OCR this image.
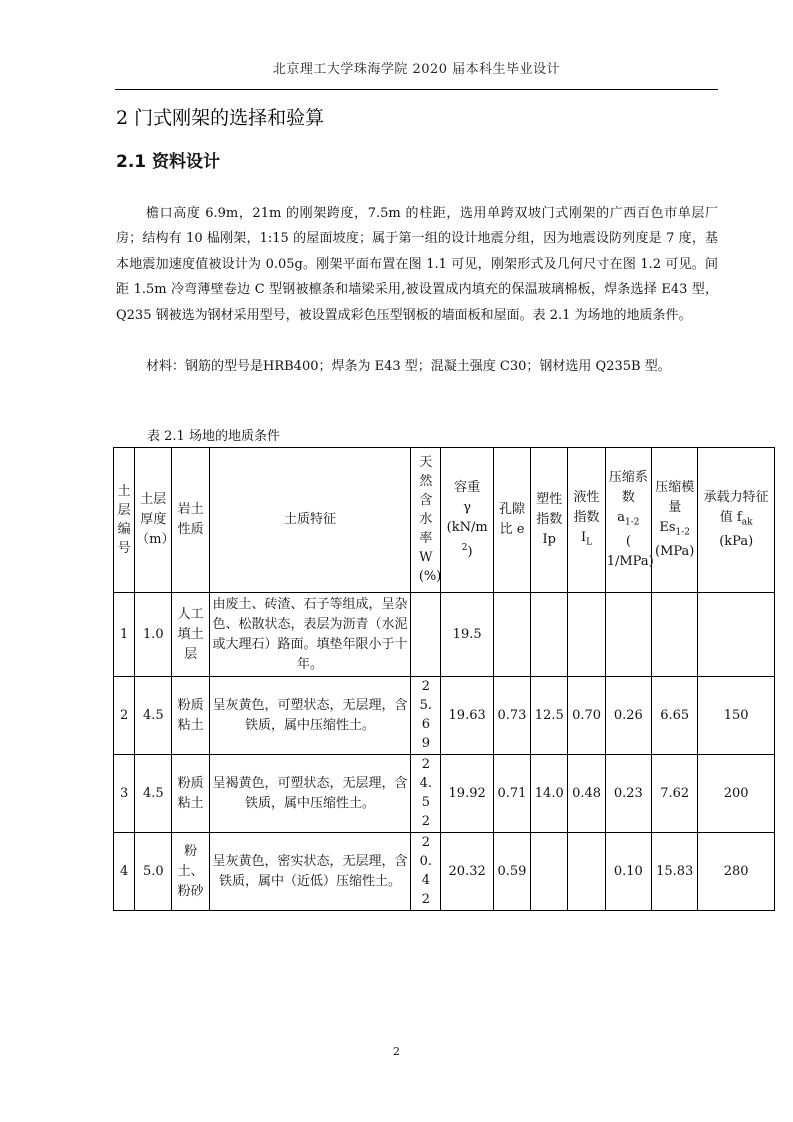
北京理工大学珠海学院 2020 届本科生毕业设计
2 门式刚架的选择和验算
2.1 资料设计

檐口高度 6.9m，21m 的刚架跨度，7.5m 的柱距，选用单跨双坡门式刚架的广西百色市单层厂房；结构有 10 榀刚架，1:15 的屋面坡度；属于第一组的设计地震分组，因为地震设防列度是 7 度，基本地震加速度值被设计为 0.05g。刚架平面布置在图 1.1 可见，刚架形式及几何尺寸在图 1.2 可见。间距 1.5m 冷弯薄壁卷边 C 型钢被檩条和墙梁采用,被设置成内填充的保温玻璃棉板，焊条选择 E43 型，Q235 钢被选为钢材采用型号，被设置成彩色压型钢板的墙面板和屋面。表 2.1 为场地的地质条件。

材料：钢筋的型号是HRB400；焊条为 E43 型；混凝土强度 C30；钢材选用 Q235B 型。

表 2.1 场地的地质条件
土层编号	土层厚度（m）	岩土性质	土质特征	天然含水率W(%)	容重
γ
(kN/m
$^2$)	孔隙比 e	塑性指数
Ip	液性指数
$I_L$	压缩系数
$a_{1-2}$
( 1/MPa)	压缩模量
$Es_{1-2}$
(MPa)	承载力特征值 $f_{ak}$
(kPa)
1	1.0	人工填土层	由废土、砖渣、石子等组成，呈杂色、松散状态，表层为沥青（水泥或大理石）路面。填垫年限小于十年。		19.5						
2	4.5	粉质粘土	呈灰黄色，可塑状态，无层理，含铁质，属中压缩性土。	25.69	19.63	0.73	12.5	0.70	0.26	6.65	150
3	4.5	粉质粘土	呈褐黄色，可塑状态，无层理，含铁质，属中压缩性土。	24.52	19.92	0.71	14.0	0.48	0.23	7.62	200
4	5.0	粉土、粉砂	呈灰黄色，密实状态，无层理，含铁质，属中（近低）压缩性土。	20.42	20.32	0.59			0.10	15.83	280
2
